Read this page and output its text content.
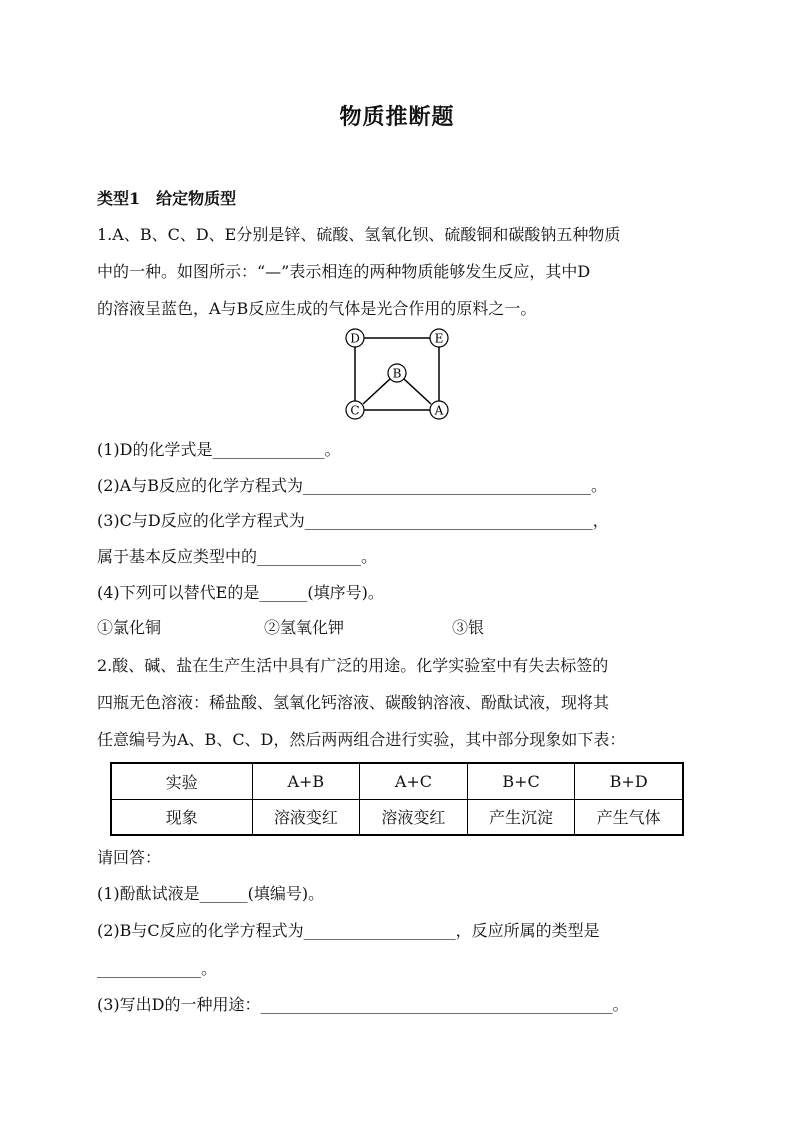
物质推断题
类型1　给定物质型
1.A、B、C、D、E分别是锌、硫酸、氢氧化钡、硫酸铜和碳酸钠五种物质
中的一种。如图所示：“—”表示相连的两种物质能够发生反应，其中D
的溶液呈蓝色，A与B反应生成的气体是光合作用的原料之一。
D	E
B
C	A
(1)D的化学式是______________。
(2)A与B反应的化学方程式为____________________________________。
(3)C与D反应的化学方程式为____________________________________，
属于基本反应类型中的_____________。
(4)下列可以替代E的是______(填序号)。
①氯化铜	②氢氧化钾	③银
2.酸、碱、盐在生产生活中具有广泛的用途。化学实验室中有失去标签的
四瓶无色溶液：稀盐酸、氢氧化钙溶液、碳酸钠溶液、酚酞试液，现将其
任意编号为A、B、C、D，然后两两组合进行实验，其中部分现象如下表：
实验	A+B	A+C	B+C	B+D
现象	溶液变红	溶液变红	产生沉淀	产生气体
请回答：
(1)酚酞试液是______(填编号)。
(2)B与C反应的化学方程式为___________________，反应所属的类型是
_____________。
(3)写出D的一种用途：____________________________________________。
